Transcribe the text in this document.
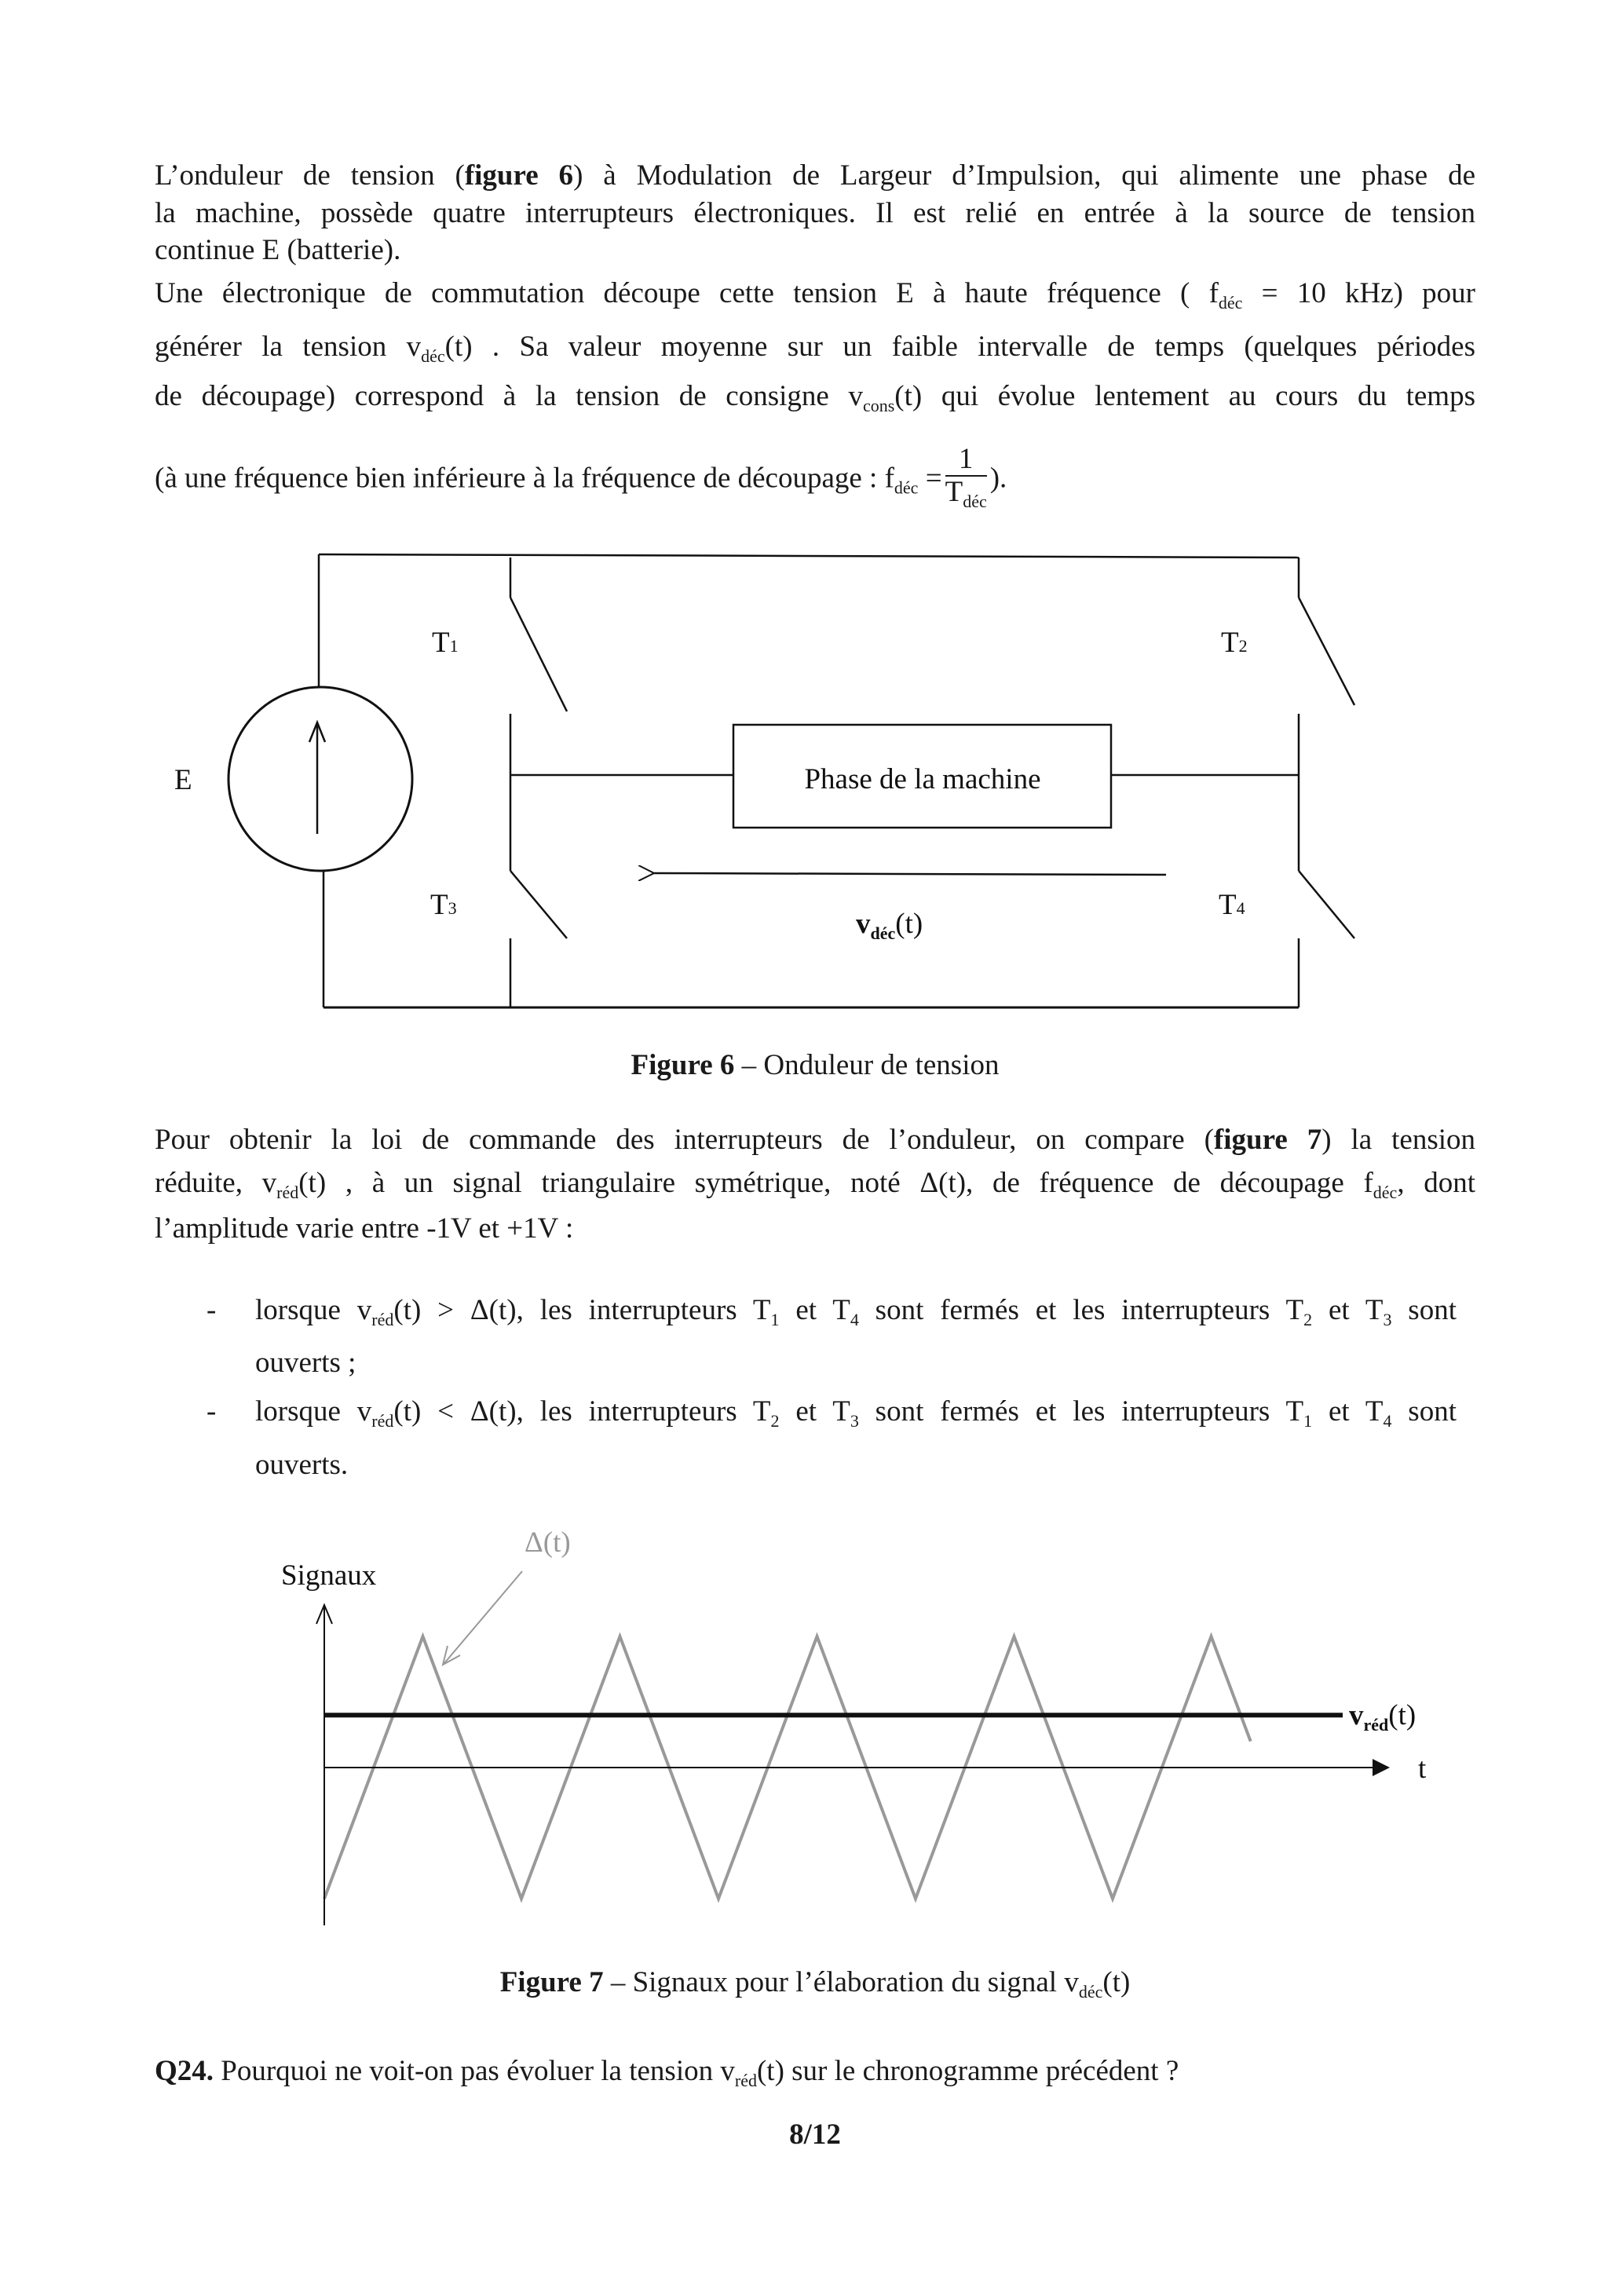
L’onduleur de tension (figure 6) à Modulation de Largeur d’Impulsion, qui alimente une phase de
la machine, possède quatre interrupteurs électroniques. Il est relié en entrée à la source de tension
continue E (batterie).
Une électronique de commutation découpe cette tension E à haute fréquence ( $f_{déc} = 10$ kHz) pour
générer la tension $v_{déc}(t)$ . Sa valeur moyenne sur un faible intervalle de temps (quelques périodes
de découpage) correspond à la tension de consigne $v_{cons}(t)$ qui évolue lentement au cours du temps
(à une fréquence bien inférieure à la fréquence de découpage : $f_{déc} = \frac{1}{T_{déc}}$ ).
Figure 6 – Onduleur de tension
Pour obtenir la loi de commande des interrupteurs de l’onduleur, on compare (figure 7) la tension
réduite, $v_{réd}(t)$ , à un signal triangulaire symétrique, noté Δ(t), de fréquence de découpage $f_{déc}$, dont
l’amplitude varie entre -1V et +1V :
lorsque $v_{réd}(t) > \Delta(t)$, les interrupteurs $T_1$ et $T_4$ sont fermés et les interrupteurs $T_2$ et $T_3$ sont
-
ouverts ;
lorsque $v_{réd}(t) < \Delta(t)$, les interrupteurs $T_2$ et $T_3$ sont fermés et les interrupteurs $T_1$ et $T_4$ sont
-
ouverts.
Figure 7 – Signaux pour l’élaboration du signal $v_{déc}(t)$
Q24. Pourquoi ne voit-on pas évoluer la tension $v_{réd}(t)$ sur le chronogramme précédent ?
8/12
E
T1	T2
T3	T4
Phase de la machine
$v_{déc}(t)$
Signaux
t
Δ(t)
$v_{réd}(t)$
